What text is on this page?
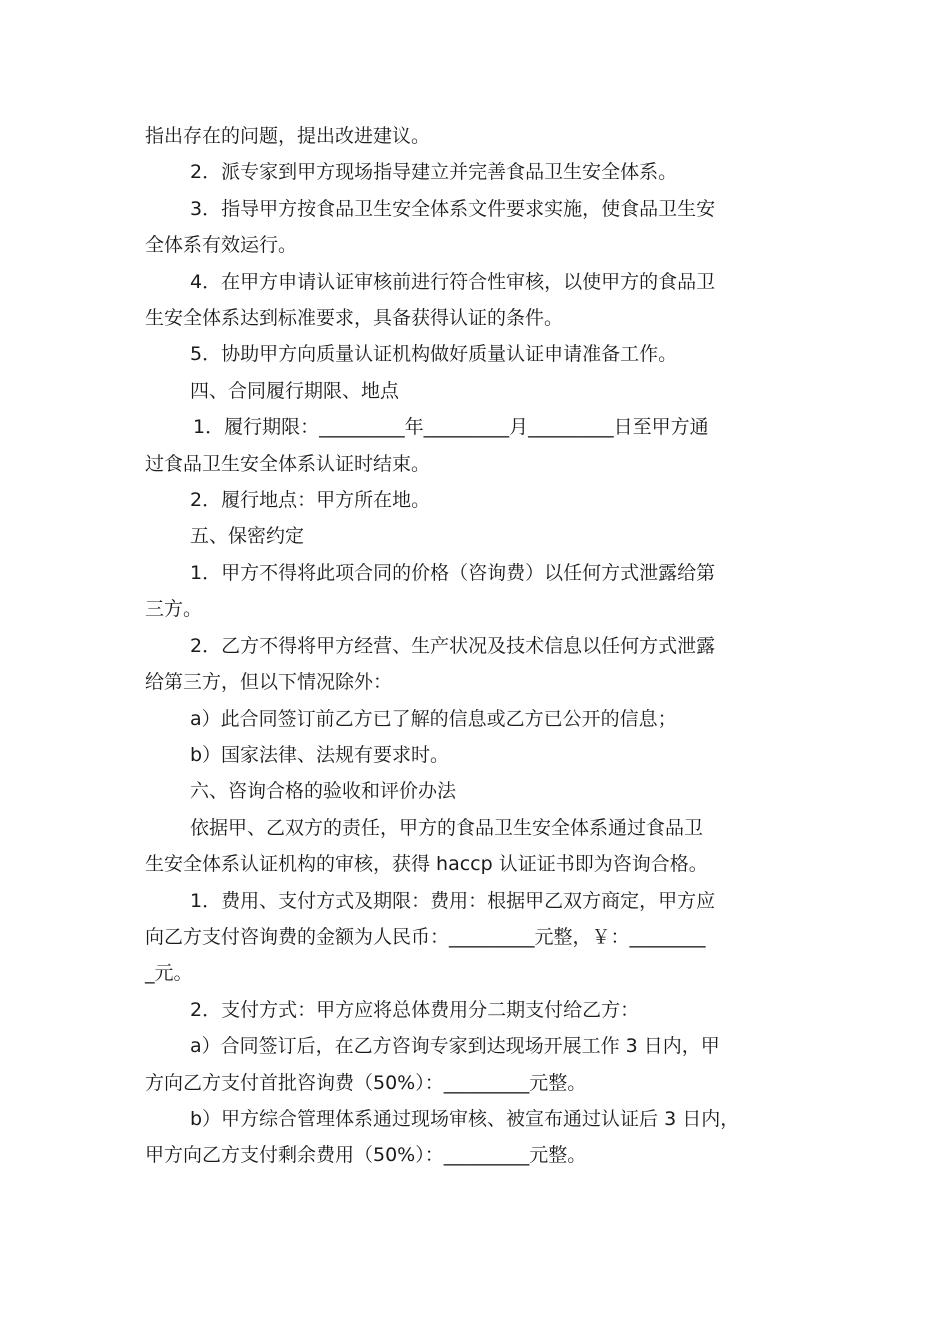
指出存在的问题，提出改进建议。

2．派专家到甲方现场指导建立并完善食品卫生安全体系。

3．指导甲方按食品卫生安全体系文件要求实施，使食品卫生安

全体系有效运行。

4．在甲方申请认证审核前进行符合性审核，以使甲方的食品卫

生安全体系达到标准要求，具备获得认证的条件。

5．协助甲方向质量认证机构做好质量认证申请准备工作。

四、合同履行期限、地点

1．履行期限：_________年_________月_________日至甲方通

过食品卫生安全体系认证时结束。

2．履行地点：甲方所在地。

五、保密约定

1．甲方不得将此项合同的价格（咨询费）以任何方式泄露给第

三方。

2．乙方不得将甲方经营、生产状况及技术信息以任何方式泄露

给第三方，但以下情况除外：

a）此合同签订前乙方已了解的信息或乙方已公开的信息；

b）国家法律、法规有要求时。

六、咨询合格的验收和评价办法

依据甲、乙双方的责任，甲方的食品卫生安全体系通过食品卫

生安全体系认证机构的审核，获得 haccp 认证证书即为咨询合格。

1．费用、支付方式及期限：费用：根据甲乙双方商定，甲方应

向乙方支付咨询费的金额为人民币：_________元整，￥：________

_元。

2．支付方式：甲方应将总体费用分二期支付给乙方：

a）合同签订后，在乙方咨询专家到达现场开展工作 3 日内，甲

方向乙方支付首批咨询费（50%）：_________元整。

b）甲方综合管理体系通过现场审核、被宣布通过认证后 3 日内，

甲方向乙方支付剩余费用（50%）：_________元整。
